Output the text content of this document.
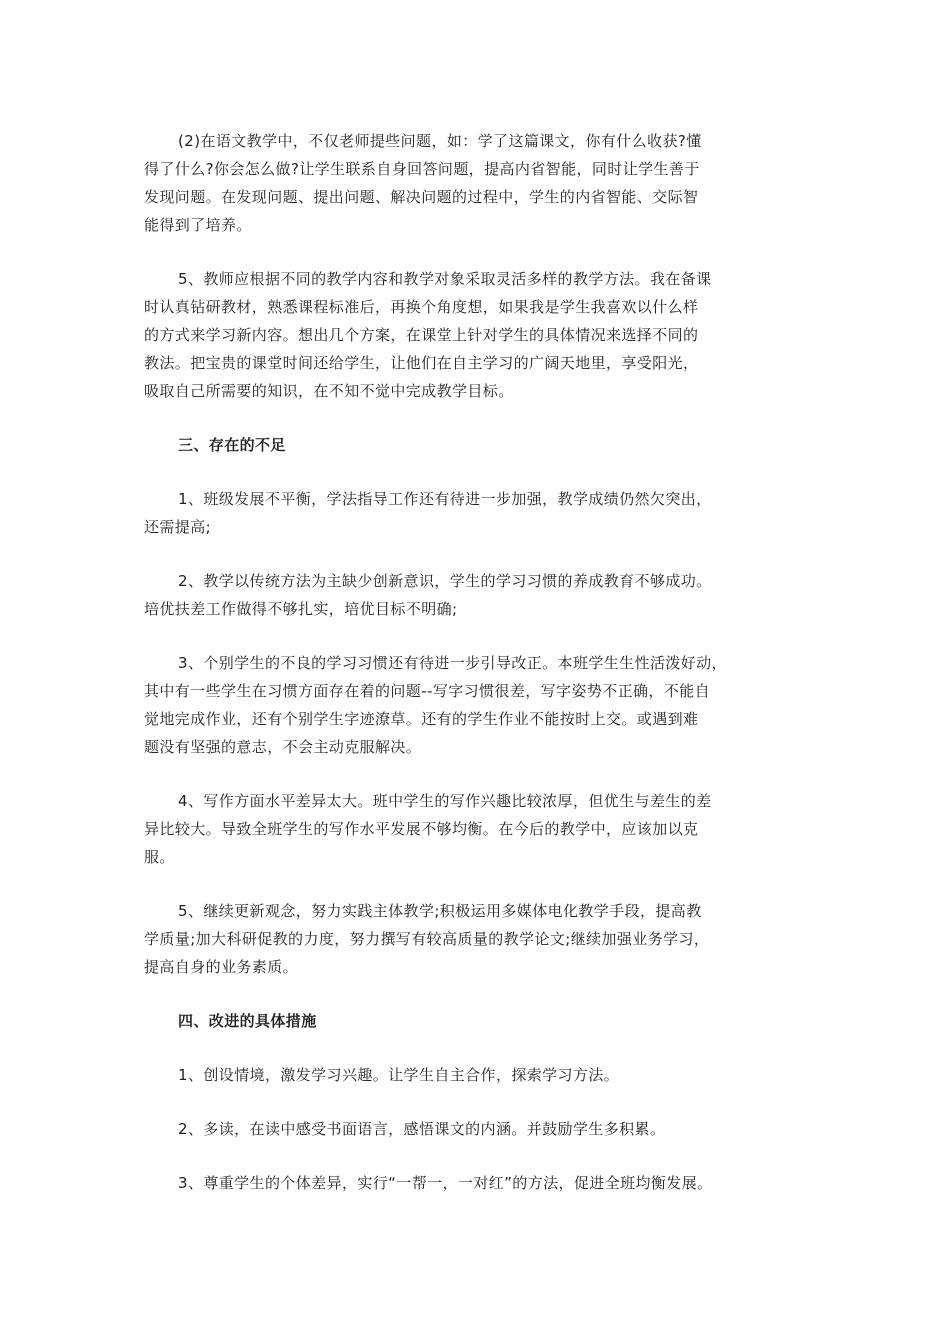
(2)在语文教学中，不仅老师提些问题，如：学了这篇课文，你有什么收获?懂
得了什么?你会怎么做?让学生联系自身回答问题，提高内省智能，同时让学生善于
发现问题。在发现问题、提出问题、解决问题的过程中，学生的内省智能、交际智
能得到了培养。

5、教师应根据不同的教学内容和教学对象采取灵活多样的教学方法。我在备课
时认真钻研教材，熟悉课程标准后，再换个角度想，如果我是学生我喜欢以什么样
的方式来学习新内容。想出几个方案，在课堂上针对学生的具体情况来选择不同的
教法。把宝贵的课堂时间还给学生，让他们在自主学习的广阔天地里，享受阳光，
吸取自己所需要的知识，在不知不觉中完成教学目标。

三、存在的不足

1、班级发展不平衡，学法指导工作还有待进一步加强，教学成绩仍然欠突出，
还需提高;

2、教学以传统方法为主缺少创新意识，学生的学习习惯的养成教育不够成功。
培优扶差工作做得不够扎实，培优目标不明确;

3、个别学生的不良的学习习惯还有待进一步引导改正。本班学生生性活泼好动，
其中有一些学生在习惯方面存在着的问题--写字习惯很差，写字姿势不正确，不能自
觉地完成作业，还有个别学生字迹潦草。还有的学生作业不能按时上交。或遇到难
题没有坚强的意志，不会主动克服解决。

4、写作方面水平差异太大。班中学生的写作兴趣比较浓厚，但优生与差生的差
异比较大。导致全班学生的写作水平发展不够均衡。在今后的教学中，应该加以克
服。

5、继续更新观念，努力实践主体教学;积极运用多媒体电化教学手段，提高教
学质量;加大科研促教的力度，努力撰写有较高质量的教学论文;继续加强业务学习，
提高自身的业务素质。

四、改进的具体措施

1、创设情境，激发学习兴趣。让学生自主合作，探索学习方法。

2、多读，在读中感受书面语言，感悟课文的内涵。并鼓励学生多积累。

3、尊重学生的个体差异，实行“一帮一，一对红”的方法，促进全班均衡发展。
